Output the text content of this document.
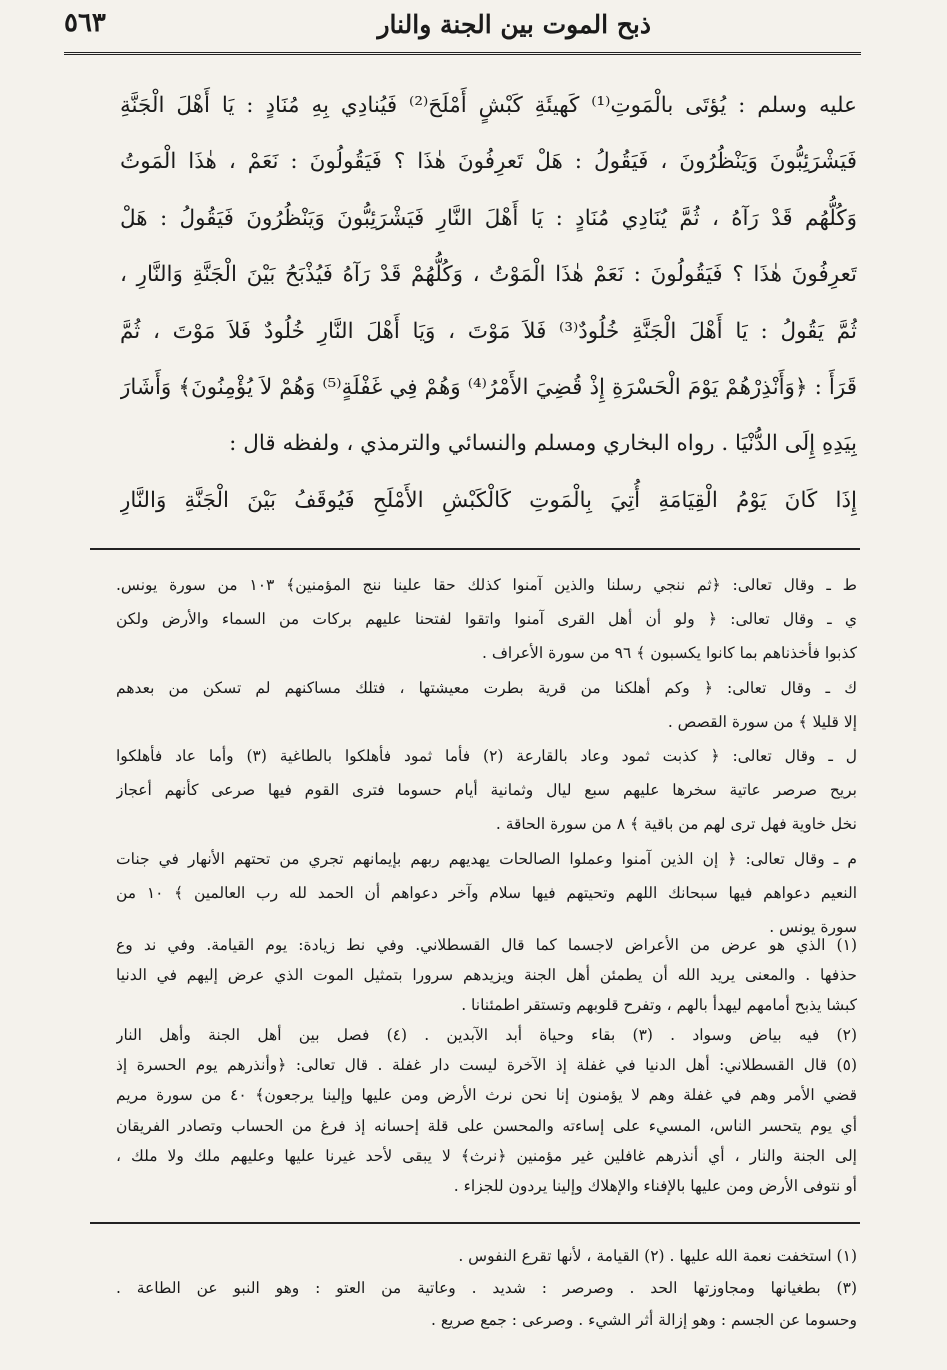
٥٦٣	ذبح الموت بين الجنة والنار
عليه وسلم : يُؤتَى بالْمَوتِ⁽¹⁾ كَهيئَةِ كَبْشٍ أَمْلَحَ⁽²⁾ فَيُنادِي بِهِ مُنَادٍ : يَا أَهْلَ الْجَنَّةِ
فَيَشْرَئِبُّونَ وَيَنْظُرُونَ ، فَيَقُولُ : هَلْ تَعرِفُونَ هٰذَا ؟ فَيَقُولُونَ : نَعَمْ ، هٰذَا الْمَوتُ
وَكُلُّهُم قَدْ رَآهُ ، ثُمَّ يُنَادِي مُنَادٍ : يَا أَهْلَ النَّارِ فَيَشْرَئِبُّونَ وَيَنْظُرُونَ فَيَقُولُ : هَلْ
تَعرِفُونَ هٰذَا ؟ فَيَقُولُونَ : نَعَمْ هٰذَا الْمَوْتُ ، وَكُلُّهُمْ قَدْ رَآهُ فَيُذْبَحُ بَيْنَ الْجَنَّةِ وَالنَّارِ ،
ثُمَّ يَقُولُ : يَا أَهْلَ الْجَنَّةِ خُلُودٌ⁽³⁾ فَلاَ مَوْتَ ، وَيَا أَهْلَ النَّارِ خُلُودٌ فَلاَ مَوْتَ ، ثُمَّ
قَرَأَ : ﴿وَأَنْذِرْهُمْ يَوْمَ الْحَسْرَةِ إِذْ قُضِيَ الأَمْرُ⁽⁴⁾ وَهُمْ فِي غَفْلَةٍ⁽⁵⁾ وَهُمْ لاَ يُؤْمِنُونَ﴾ وَأَشَارَ
بِيَدِهِ إِلَى الدُّنْيَا . رواه البخاري ومسلم والنسائي والترمذي ، ولفظه قال :
إِذَا كَانَ يَوْمُ الْقِيَامَةِ أُتِيَ بِالْمَوتِ كَالْكَبْشِ الأَمْلَحِ فَيُوقَفُ بَيْنَ الْجَنَّةِ وَالنَّارِ
ط ـ وقال تعالى: ﴿ثم ننجي رسلنا والذين آمنوا كذلك حقا علينا ننج المؤمنين﴾ ١٠٣ من سورة يونس.
ي ـ وقال تعالى: ﴿ ولو أن أهل القرى آمنوا واتقوا لفتحنا عليهم بركات من السماء والأرض ولكن
كذبوا فأخذناهم بما كانوا يكسبون ﴾ ٩٦ من سورة الأعراف .
ك ـ وقال تعالى: ﴿ وكم أهلكنا من قرية بطرت معيشتها ، فتلك مساكنهم لم تسكن من بعدهم
إلا قليلا ﴾ من سورة القصص .
ل ـ وقال تعالى: ﴿ كذبت ثمود وعاد بالقارعة (٢) فأما ثمود فأهلكوا بالطاغية (٣) وأما عاد فأهلكوا
بريح صرصر عاتية سخرها عليهم سبع ليال وثمانية أيام حسوما فترى القوم فيها صرعى كأنهم أعجاز
نخل خاوية فهل ترى لهم من باقية ﴾ ٨ من سورة الحاقة .
م ـ وقال تعالى: ﴿ إن الذين آمنوا وعملوا الصالحات يهديهم ربهم بإيمانهم تجري من تحتهم الأنهار في جنات
النعيم دعواهم فيها سبحانك اللهم وتحيتهم فيها سلام وآخر دعواهم أن الحمد لله رب العالمين ﴾ ١٠ من
سورة يونس .
(١) الذي هو عرض من الأعراض لاجسما كما قال القسطلاني. وفي نط زيادة: يوم القيامة. وفي ند وع
حذفها . والمعنى يريد الله أن يطمئن أهل الجنة ويزيدهم سرورا بتمثيل الموت الذي عرض إليهم في الدنيا
كبشا يذبح أمامهم ليهدأ بالهم ، وتفرح قلوبهم وتستقر اطمئنانا .
(٢) فيه بياض وسواد . (٣) بقاء وحياة أبد الآبدين . (٤) فصل بين أهل الجنة وأهل النار
(٥) قال القسطلاني: أهل الدنيا في غفلة إذ الآخرة ليست دار غفلة . قال تعالى: ﴿وأنذرهم يوم الحسرة إذ
قضي الأمر وهم في غفلة وهم لا يؤمنون إنا نحن نرث الأرض ومن عليها وإلينا يرجعون﴾ ٤٠ من سورة مريم
أي يوم يتحسر الناس، المسيء على إساءته والمحسن على قلة إحسانه إذ فرغ من الحساب وتصادر الفريقان
إلى الجنة والنار ، أي أنذرهم غافلين غير مؤمنين ﴿نرث﴾ لا يبقى لأحد غيرنا عليها وعليهم ملك ولا ملك ،
أو نتوفى الأرض ومن عليها بالإفناء والإهلاك وإلينا يردون للجزاء .
(١) استخفت نعمة الله عليها . (٢) القيامة ، لأنها تقرع النفوس .
(٣) بطغيانها ومجاوزتها الحد . وصرصر : شديد . وعاتية من العتو : وهو النبو عن الطاعة .
وحسوما عن الجسم : وهو إزالة أثر الشيء . وصرعى : جمع صريع .
